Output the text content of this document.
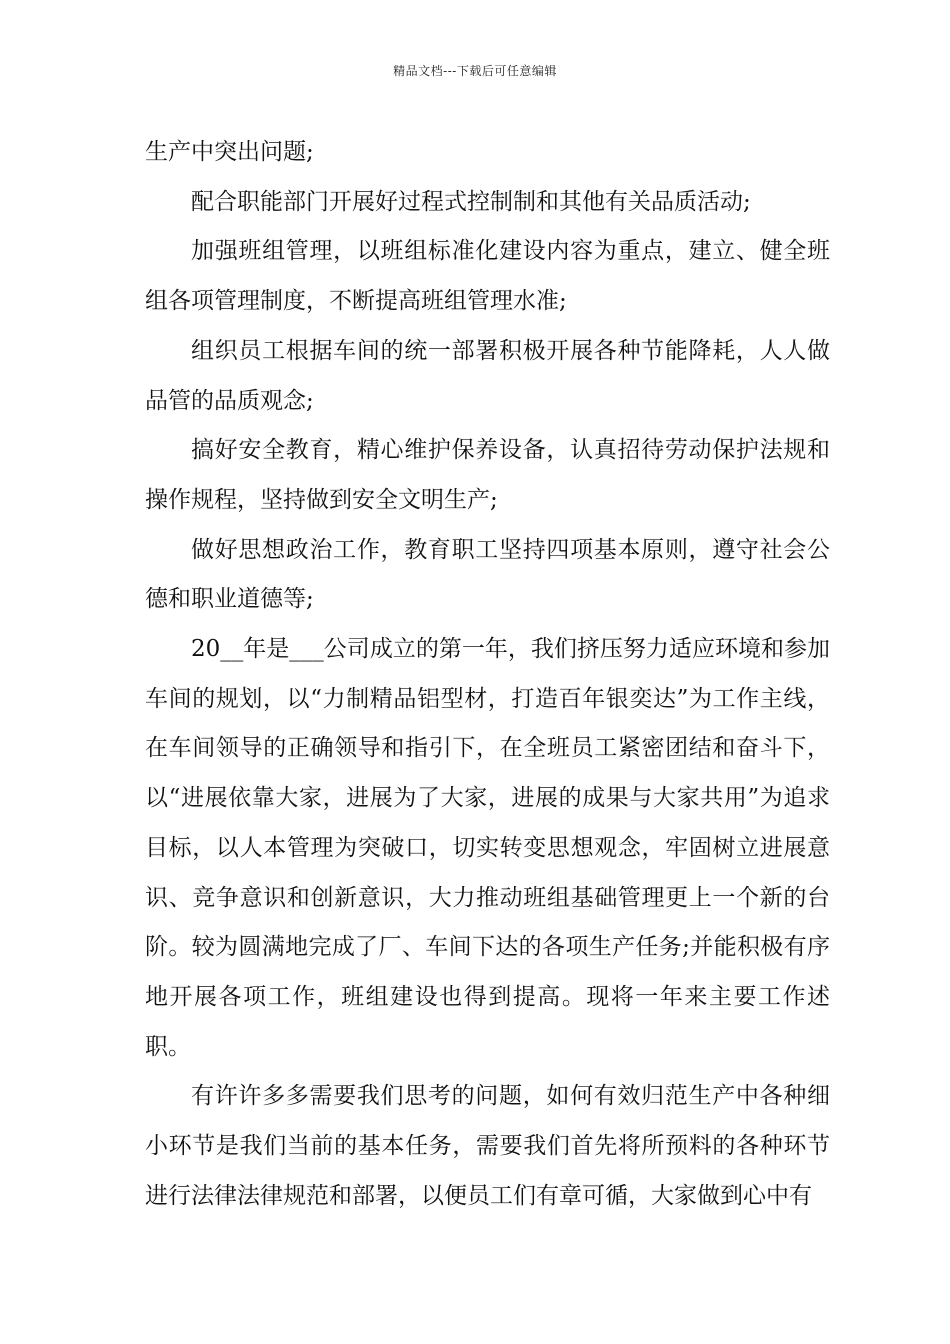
精品文档---下载后可任意编辑

生产中突出问题;

配合职能部门开展好过程式控制制和其他有关品质活动;

加强班组管理，以班组标准化建设内容为重点，建立、健全班组各项管理制度，不断提高班组管理水准;

组织员工根据车间的统一部署积极开展各种节能降耗，人人做品管的品质观念;

搞好安全教育，精心维护保养设备，认真招待劳动保护法规和操作规程，坚持做到安全文明生产;

做好思想政治工作，教育职工坚持四项基本原则，遵守社会公德和职业道德等;

20__年是___公司成立的第一年，我们挤压努力适应环境和参加车间的规划，以“力制精品铝型材，打造百年银奕达”为工作主线，在车间领导的正确领导和指引下，在全班员工紧密团结和奋斗下，以“进展依靠大家，进展为了大家，进展的成果与大家共用”为追求目标，以人本管理为突破口，切实转变思想观念，牢固树立进展意识、竞争意识和创新意识，大力推动班组基础管理更上一个新的台阶。较为圆满地完成了厂、车间下达的各项生产任务;并能积极有序地开展各项工作，班组建设也得到提高。现将一年来主要工作述职。

有许许多多需要我们思考的问题，如何有效归范生产中各种细小环节是我们当前的基本任务，需要我们首先将所预料的各种环节进行法律法律规范和部署，以便员工们有章可循，大家做到心中有
